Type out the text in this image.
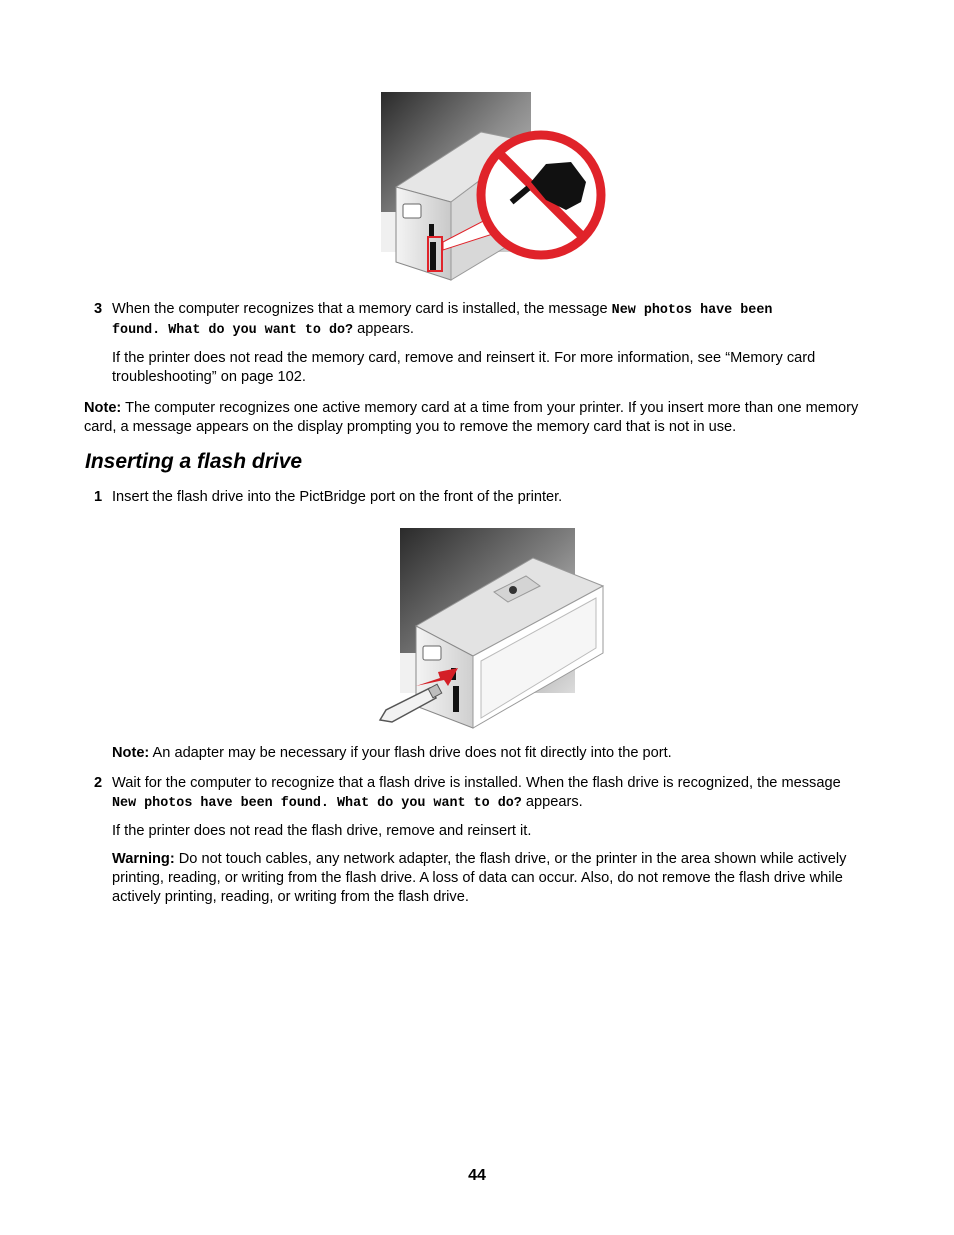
3 When the computer recognizes that a memory card is installed, the message New photos have been
found. What do you want to do? appears.
If the printer does not read the memory card, remove and reinsert it. For more information, see “Memory card troubleshooting” on page 102.
Note: The computer recognizes one active memory card at a time from your printer. If you insert more than one memory card, a message appears on the display prompting you to remove the memory card that is not in use.
Inserting a flash drive
1 Insert the flash drive into the PictBridge port on the front of the printer.
Note: An adapter may be necessary if your flash drive does not fit directly into the port.
2 Wait for the computer to recognize that a flash drive is installed. When the flash drive is recognized, the message
New photos have been found. What do you want to do? appears.
If the printer does not read the flash drive, remove and reinsert it.
Warning: Do not touch cables, any network adapter, the flash drive, or the printer in the area shown while actively printing, reading, or writing from the flash drive. A loss of data can occur. Also, do not remove the flash drive while actively printing, reading, or writing from the flash drive.
44
